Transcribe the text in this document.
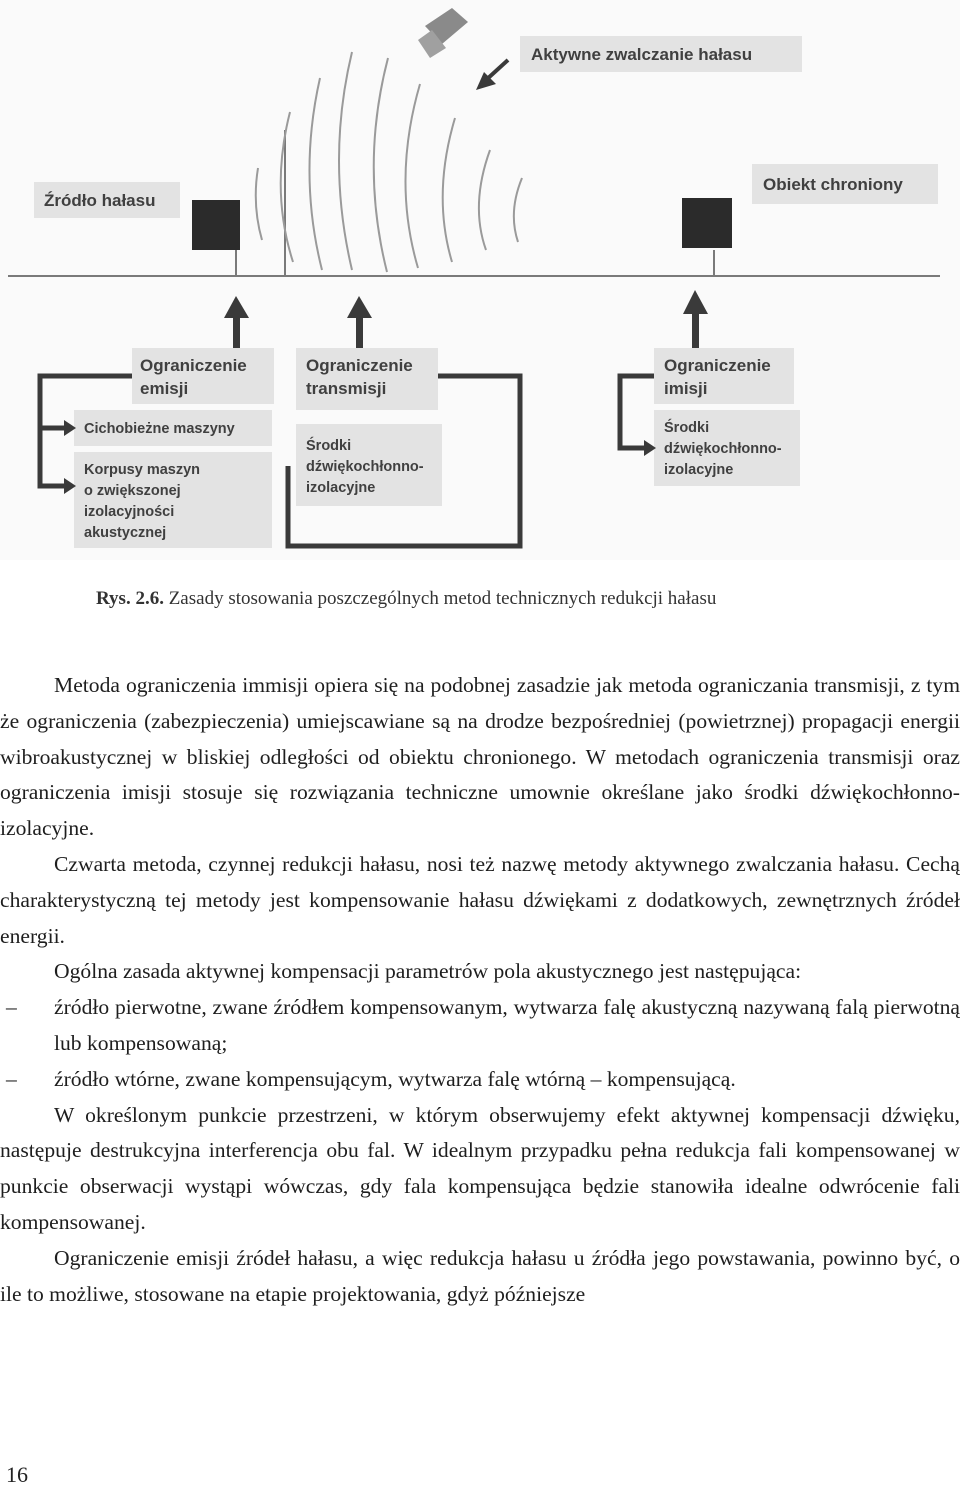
Aktywne zwalczanie hałasu
Źródło hałasu
Obiekt chroniony
Ograniczenie
emisji
Cichobieżne maszyny
Korpusy maszyn
o zwiększonej
izolacyjności
akustycznej
Ograniczenie
transmisji
Środki
dźwiękochłonno-
izolacyjne
Ograniczenie
imisji
Środki
dźwiękochłonno-
izolacyjne
Rys. 2.6. Zasady stosowania poszczególnych metod technicznych redukcji hałasu

Metoda ograniczenia immisji opiera się na podobnej zasadzie jak metoda ograniczania transmisji, z tym że ograniczenia (zabezpieczenia) umiejscawiane są na drodze bezpośredniej (powietrznej) propagacji energii wibroakustycznej w bliskiej odległości od obiektu chronionego. W metodach ograniczenia transmisji oraz ograniczenia imisji stosuje się rozwiązania techniczne umownie określane jako środki dźwiękochłonno-izolacyjne.

Czwarta metoda, czynnej redukcji hałasu, nosi też nazwę metody aktywnego zwalczania hałasu. Cechą charakterystyczną tej metody jest kompensowanie hałasu dźwiękami z dodatkowych, zewnętrznych źródeł energii.

Ogólna zasada aktywnej kompensacji parametrów pola akustycznego jest następująca:

– źródło pierwotne, zwane źródłem kompensowanym, wytwarza falę akustyczną nazywaną falą pierwotną lub kompensowaną;

– źródło wtórne, zwane kompensującym, wytwarza falę wtórną – kompensującą.

W określonym punkcie przestrzeni, w którym obserwujemy efekt aktywnej kompensacji dźwięku, następuje destrukcyjna interferencja obu fal. W idealnym przypadku pełna redukcja fali kompensowanej w punkcie obserwacji wystąpi wówczas, gdy fala kompensująca będzie stanowiła idealne odwrócenie fali kompensowanej.

Ograniczenie emisji źródeł hałasu, a więc redukcja hałasu u źródła jego powstawania, powinno być, o ile to możliwe, stosowane na etapie projektowania, gdyż późniejsze

16
